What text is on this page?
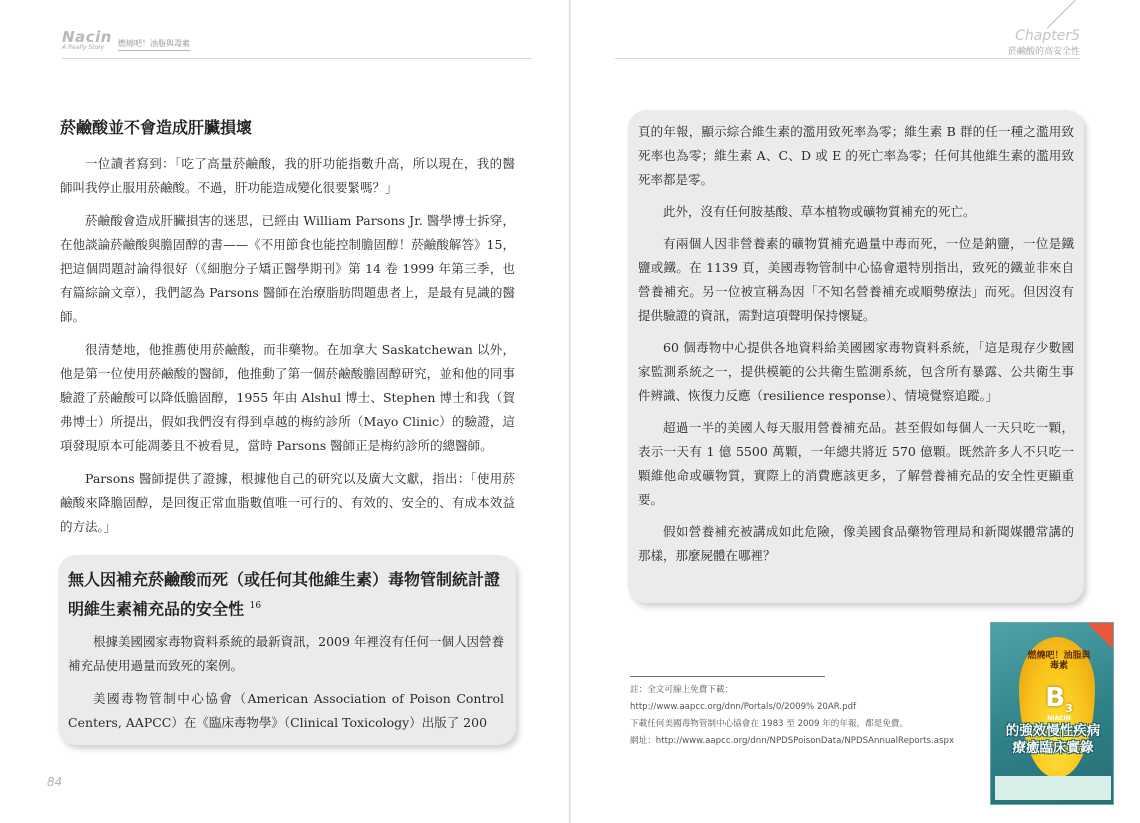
Nacin
A Really Story	燃燒吧！油脂與毒素	Chapter5
菸鹼酸的高安全性
菸鹼酸並不會造成肝臟損壞

一位讀者寫到：「吃了高量菸鹼酸，我的肝功能指數升高，所以現在，我的醫師叫我停止服用菸鹼酸。不過，肝功能造成變化很要緊嗎？」

菸鹼酸會造成肝臟損害的迷思，已經由 William Parsons Jr. 醫學博士拆穿，在他談論菸鹼酸與膽固醇的書——《不用節食也能控制膽固醇！菸鹼酸解答》15，把這個問題討論得很好（《細胞分子矯正醫學期刊》第 14 卷 1999 年第三季，也有篇綜論文章），我們認為 Parsons 醫師在治療脂肪問題患者上，是最有見識的醫師。

很清楚地，他推薦使用菸鹼酸，而非藥物。在加拿大 Saskatchewan 以外，他是第一位使用菸鹼酸的醫師，他推動了第一個菸鹼酸膽固醇研究，並和他的同事驗證了菸鹼酸可以降低膽固醇，1955 年由 Alshul 博士、Stephen 博士和我（賀弗博士）所提出，假如我們沒有得到卓越的梅約診所（Mayo Clinic）的驗證，這項發現原本可能凋萎且不被看見，當時 Parsons 醫師正是梅約診所的總醫師。

Parsons 醫師提供了證據，根據他自己的研究以及廣大文獻，指出：「使用菸鹼酸來降膽固醇，是回復正常血脂數值唯一可行的、有效的、安全的、有成本效益的方法。」

無人因補充菸鹼酸而死（或任何其他維生素）毒物管制統計證明維生素補充品的安全性 $^{16}$

根據美國國家毒物資料系統的最新資訊，2009 年裡沒有任何一個人因營養補充品使用過量而致死的案例。

美國毒物管制中心協會（American Association of Poison Control Centers, AAPCC）在《臨床毒物學》（Clinical Toxicology）出版了 200

頁的年報，顯示綜合維生素的濫用致死率為零；維生素 B 群的任一種之濫用致死率也為零；維生素 A、C、D 或 E 的死亡率為零；任何其他維生素的濫用致死率都是零。

此外，沒有任何胺基酸、草本植物或礦物質補充的死亡。

有兩個人因非營養素的礦物質補充過量中毒而死，一位是鈉鹽，一位是鐵鹽或鐵。在 1139 頁，美國毒物管制中心協會還特別指出，致死的鐵並非來自營養補充。另一位被宣稱為因「不知名營養補充或順勢療法」而死。但因沒有提供驗證的資訊，需對這項聲明保持懷疑。

60 個毒物中心提供各地資料給美國國家毒物資料系統，「這是現存少數國家監測系統之一，提供模範的公共衛生監測系統，包含所有暴露、公共衛生事件辨識、恢復力反應（resilience response）、情境覺察追蹤。」

超過一半的美國人每天服用營養補充品。甚至假如每個人一天只吃一顆，表示一天有 1 億 5500 萬顆，一年總共將近 570 億顆。既然許多人不只吃一顆維他命或礦物質，實際上的消費應該更多，了解營養補充品的安全性更顯重要。

假如營養補充被講成如此危險，像美國食品藥物管理局和新聞媒體常講的那樣，那麼屍體在哪裡？

註：全文可線上免費下載：
http://www.aapcc.org/dnn/Portals/0/2009% 20AR.pdf
下載任何美國毒物管制中心協會在 1983 至 2009 年的年報，都是免費。
網址：http://www.aapcc.org/dnn/NPDSPoisonData/NPDSAnnualReports.aspx
84
燃燒吧！油脂與毒素
$B_3$
NIACIN
的強效慢性疾病
療癒臨床實錄
